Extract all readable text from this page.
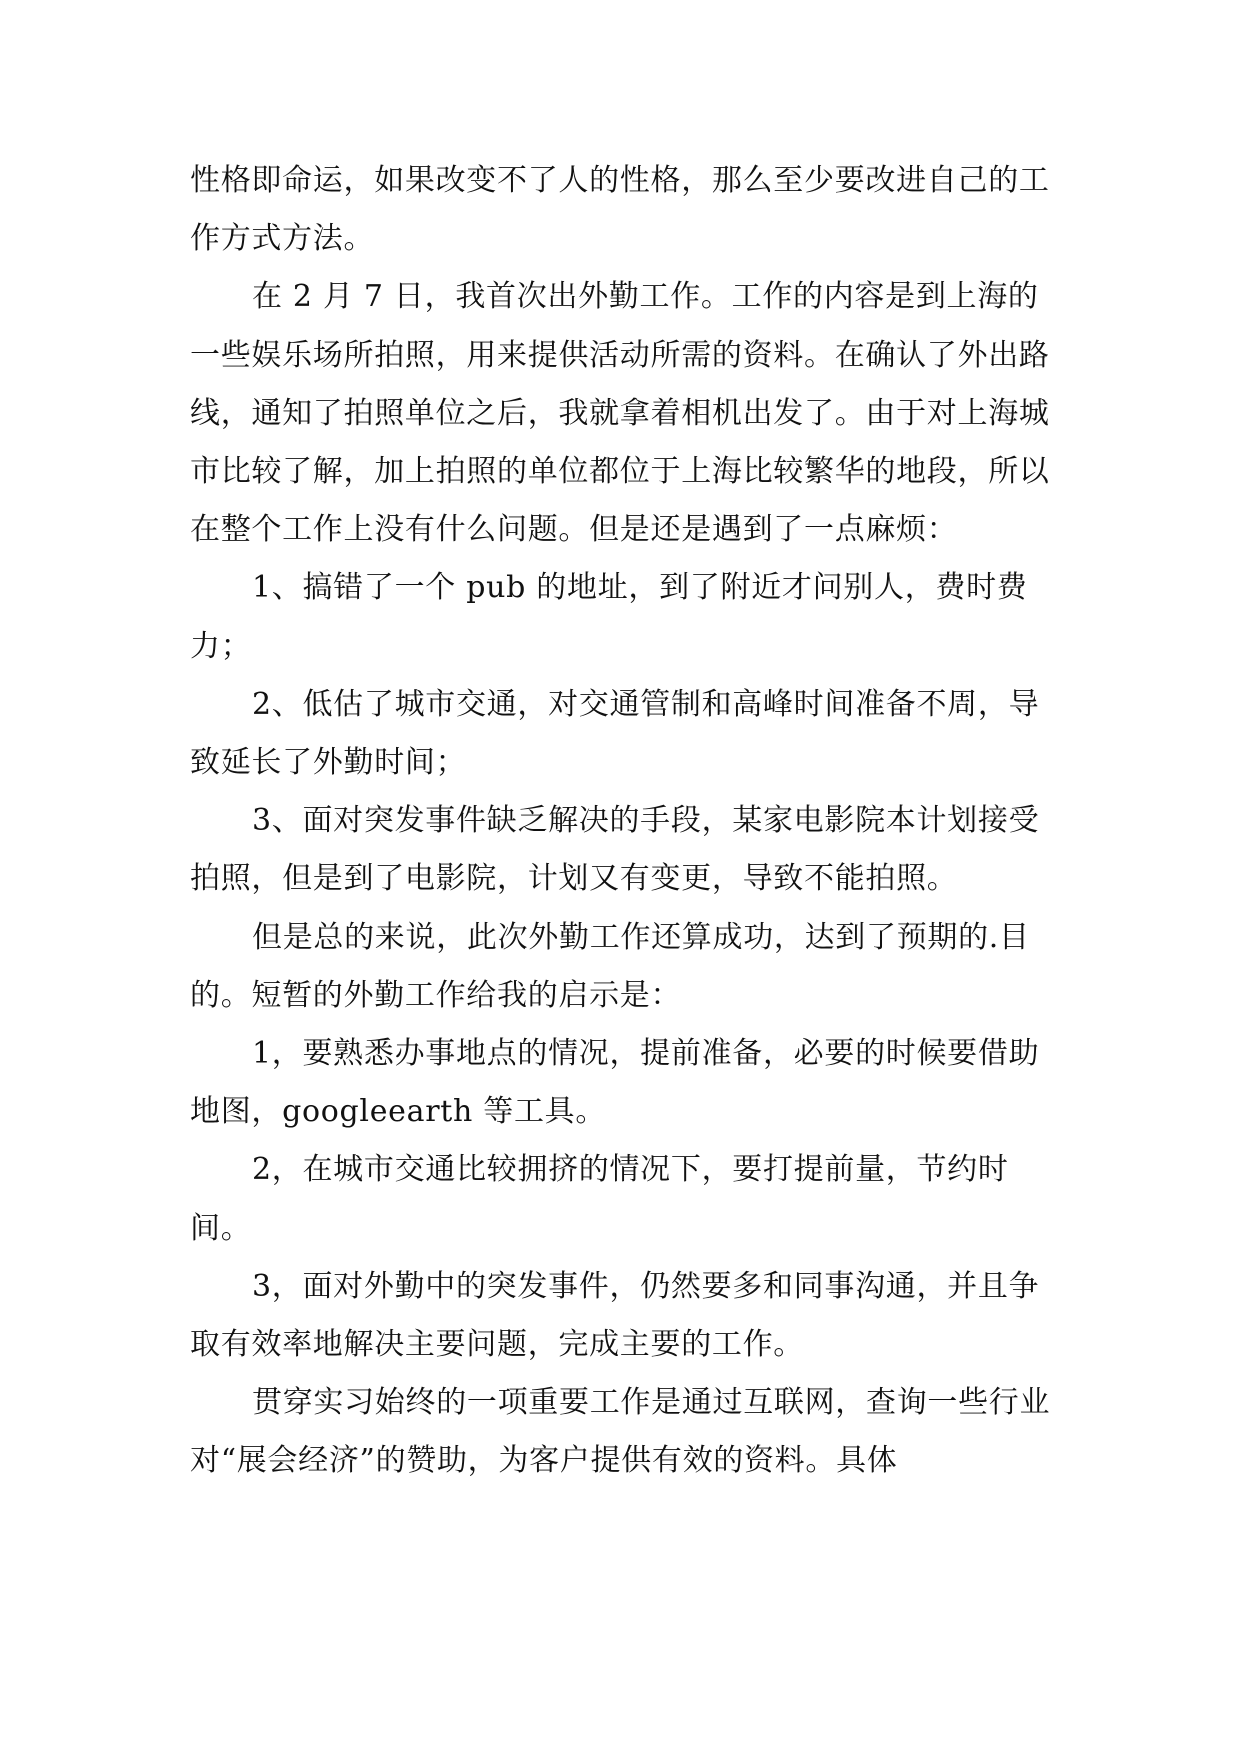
性格即命运，如果改变不了人的性格，那么至少要改进自己的工作方式方法。

在 2 月 7 日，我首次出外勤工作。工作的内容是到上海的一些娱乐场所拍照，用来提供活动所需的资料。在确认了外出路线，通知了拍照单位之后，我就拿着相机出发了。由于对上海城市比较了解，加上拍照的单位都位于上海比较繁华的地段，所以在整个工作上没有什么问题。但是还是遇到了一点麻烦：

1、搞错了一个 pub 的地址，到了附近才问别人，费时费力；

2、低估了城市交通，对交通管制和高峰时间准备不周，导致延长了外勤时间；

3、面对突发事件缺乏解决的手段，某家电影院本计划接受拍照，但是到了电影院，计划又有变更，导致不能拍照。

但是总的来说，此次外勤工作还算成功，达到了预期的.目的。短暂的外勤工作给我的启示是：

1，要熟悉办事地点的情况，提前准备，必要的时候要借助地图，googleearth 等工具。

2，在城市交通比较拥挤的情况下，要打提前量，节约时间。

3，面对外勤中的突发事件，仍然要多和同事沟通，并且争取有效率地解决主要问题，完成主要的工作。

贯穿实习始终的一项重要工作是通过互联网，查询一些行业对“展会经济”的赞助，为客户提供有效的资料。具体
